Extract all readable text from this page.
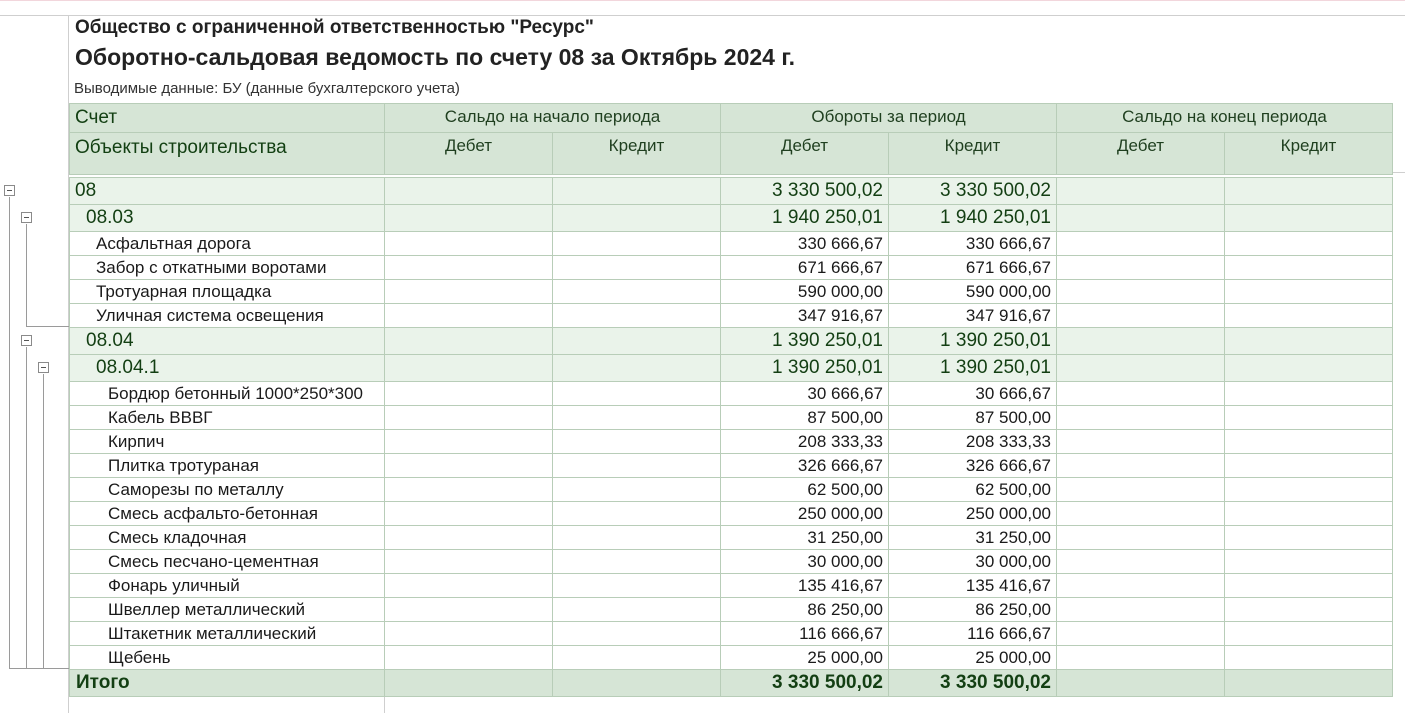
Общество с ограниченной ответственностью "Ресурс"
Оборотно-сальдовая ведомость по счету 08 за Октябрь 2024 г.
Выводимые данные: БУ (данные бухгалтерского учета)
Счет	Сальдо на начало периода		Обороты за период		Сальдо на конец периода	
Объекты строительства	Дебет	Кредит	Дебет	Кредит	Дебет	Кредит

08			3 330 500,02	3 330 500,02		
08.03			1 940 250,01	1 940 250,01		
Асфальтная дорога			330 666,67	330 666,67		
Забор с откатными воротами			671 666,67	671 666,67		
Тротуарная площадка			590 000,00	590 000,00		
Уличная система освещения			347 916,67	347 916,67		
08.04			1 390 250,01	1 390 250,01		
08.04.1			1 390 250,01	1 390 250,01		
Бордюр бетонный 1000*250*300			30 666,67	30 666,67		
Кабель ВВВГ			87 500,00	87 500,00		
Кирпич			208 333,33	208 333,33		
Плитка тротураная			326 666,67	326 666,67		
Саморезы по металлу			62 500,00	62 500,00		
Смесь асфальто-бетонная			250 000,00	250 000,00		
Смесь кладочная			31 250,00	31 250,00		
Смесь песчано-цементная			30 000,00	30 000,00		
Фонарь уличный			135 416,67	135 416,67		
Швеллер металлический			86 250,00	86 250,00		
Штакетник металлический			116 666,67	116 666,67		
Щебень			25 000,00	25 000,00		
Итого			3 330 500,02	3 330 500,02		
